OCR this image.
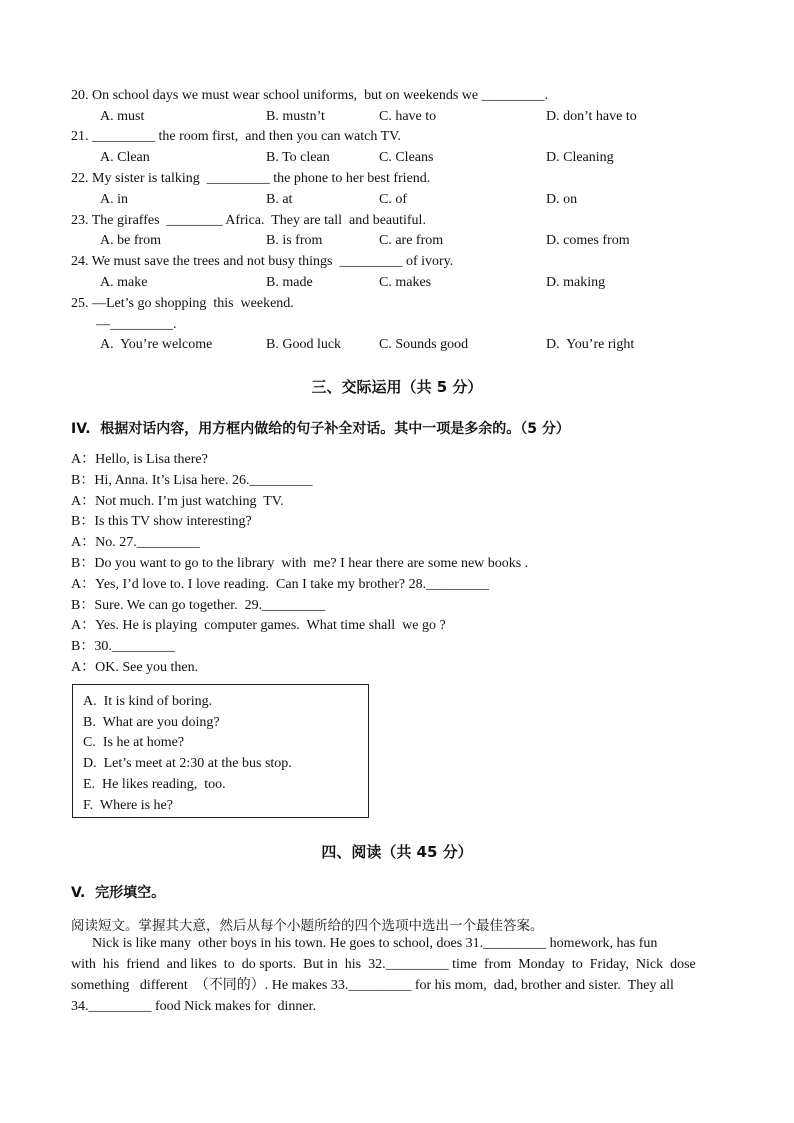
20. On school days we must wear school uniforms,  but on weekends we _________.
A. must	B. mustn’t	C. have to	D. don’t have to
21. _________ the room first,  and then you can watch TV.
A. Clean	B. To clean	C. Cleans	D. Cleaning
22. My sister is talking  _________ the phone to her best friend.
A. in	B. at	C. of	D. on
23. The giraffes  ________ Africa.  They are tall  and beautiful.
A. be from	B. is from	C. are from	D. comes from
24. We must save the trees and not busy things  _________ of ivory.
A. make	B. made	C. makes	D. making
25. —Let’s go shopping  this  weekend.
—_________.
A.  You’re welcome	B. Good luck	C. Sounds good	D.  You’re right
三、交际运用（共 5 分）
IV.  根据对话内容，用方框内做给的句子补全对话。其中一项是多余的。（5 分）
A：Hello, is Lisa there?
B：Hi, Anna. It’s Lisa here. 26._________
A：Not much. I’m just watching  TV.
B：Is this TV show interesting?
A：No. 27._________
B：Do you want to go to the library  with  me? I hear there are some new books .
A：Yes, I’d love to. I love reading.  Can I take my brother? 28._________
B：Sure. We can go together.  29._________
A：Yes. He is playing  computer games.  What time shall  we go ?
B：30._________
A：OK. See you then.
A.  It is kind of boring.
B.  What are you doing?
C.  Is he at home?
D.  Let’s meet at 2:30 at the bus stop.
E.  He likes reading,  too.
F.  Where is he?
四、阅读（共 45 分）
V.  完形填空。
阅读短文。掌握其大意，然后从每个小题所给的四个选项中选出一个最佳答案。
Nick is like many  other boys in his town. He goes to school, does 31._________ homework, has fun
with  his  friend  and likes  to  do sports.  But in  his  32._________ time  from  Monday  to  Friday,  Nick  dose
something   different  （不同的）. He makes 33._________ for his mom,  dad, brother and sister.  They all
34._________ food Nick makes for  dinner.
